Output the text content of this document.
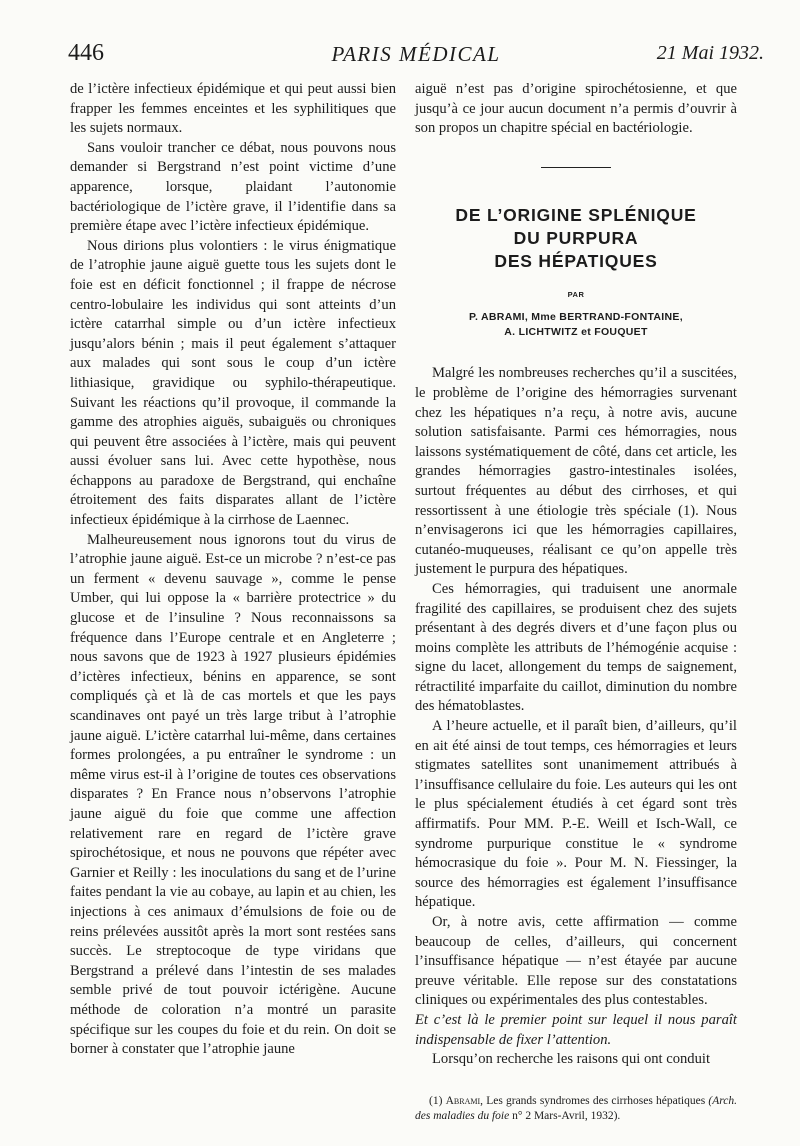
446	PARIS MÉDICAL	21 Mai 1932.

de l’ictère infectieux épidémique et qui peut aussi bien frapper les femmes enceintes et les syphilitiques que les sujets normaux.

Sans vouloir trancher ce débat, nous pouvons nous demander si Bergstrand n’est point victime d’une apparence, lorsque, plaidant l’autonomie bactériologique de l’ictère grave, il l’identifie dans sa première étape avec l’ictère infectieux épidémique.

Nous dirions plus volontiers : le virus énigmatique de l’atrophie jaune aiguë guette tous les sujets dont le foie est en déficit fonctionnel ; il frappe de nécrose centro-lobulaire les individus qui sont atteints d’un ictère catarrhal simple ou d’un ictère infectieux jusqu’alors bénin ; mais il peut également s’attaquer aux malades qui sont sous le coup d’un ictère lithiasique, gravidique ou syphilo-thérapeutique. Suivant les réactions qu’il provoque, il commande la gamme des atrophies aiguës, subaiguës ou chroniques qui peuvent être associées à l’ictère, mais qui peuvent aussi évoluer sans lui. Avec cette hypothèse, nous échappons au paradoxe de Bergstrand, qui enchaîne étroitement des faits disparates allant de l’ictère infectieux épidémique à la cirrhose de Laennec.

Malheureusement nous ignorons tout du virus de l’atrophie jaune aiguë. Est-ce un microbe ? n’est-ce pas un ferment « devenu sauvage », comme le pense Umber, qui lui oppose la « barrière protectrice » du glucose et de l’insuline ? Nous reconnaissons sa fréquence dans l’Europe centrale et en Angleterre ; nous savons que de 1923 à 1927 plusieurs épidémies d’ictères infectieux, bénins en apparence, se sont compliqués çà et là de cas mortels et que les pays scandinaves ont payé un très large tribut à l’atrophie jaune aiguë. L’ictère catarrhal lui-même, dans certaines formes prolongées, a pu entraîner le syndrome : un même virus est-il à l’origine de toutes ces observations disparates ? En France nous n’observons l’atrophie jaune aiguë du foie que comme une affection relativement rare en regard de l’ictère grave spirochétosique, et nous ne pouvons que répéter avec Garnier et Reilly : les inoculations du sang et de l’urine faites pendant la vie au cobaye, au lapin et au chien, les injections à ces animaux d’émulsions de foie ou de reins prélevées aussitôt après la mort sont restées sans succès. Le streptocoque de type viridans que Bergstrand a prélevé dans l’intestin de ses malades semble privé de tout pouvoir ictérigène. Aucune méthode de coloration n’a montré un parasite spécifique sur les coupes du foie et du rein. On doit se borner à constater que l’atrophie jaune

aiguë n’est pas d’origine spirochétosienne, et que jusqu’à ce jour aucun document n’a permis d’ouvrir à son propos un chapitre spécial en bactériologie.

DE L’ORIGINE SPLÉNIQUE
DU PURPURA
DES HÉPATIQUES
PAR
P. ABRAMI, Mme BERTRAND-FONTAINE,
A. LICHTWITZ et FOUQUET

Malgré les nombreuses recherches qu’il a suscitées, le problème de l’origine des hémorragies survenant chez les hépatiques n’a reçu, à notre avis, aucune solution satisfaisante. Parmi ces hémorragies, nous laissons systématiquement de côté, dans cet article, les grandes hémorragies gastro-intestinales isolées, surtout fréquentes au début des cirrhoses, et qui ressortissent à une étiologie très spéciale (1). Nous n’envisagerons ici que les hémorragies capillaires, cutanéo-muqueuses, réalisant ce qu’on appelle très justement le purpura des hépatiques.

Ces hémorragies, qui traduisent une anormale fragilité des capillaires, se produisent chez des sujets présentant à des degrés divers et d’une façon plus ou moins complète les attributs de l’hémogénie acquise : signe du lacet, allongement du temps de saignement, rétractilité imparfaite du caillot, diminution du nombre des hématoblastes.

A l’heure actuelle, et il paraît bien, d’ailleurs, qu’il en ait été ainsi de tout temps, ces hémorragies et leurs stigmates satellites sont unanimement attribués à l’insuffisance cellulaire du foie. Les auteurs qui les ont le plus spécialement étudiés à cet égard sont très affirmatifs. Pour MM. P.-E. Weill et Isch-Wall, ce syndrome purpurique constitue le « syndrome hémocrasique du foie ». Pour M. N. Fiessinger, la source des hémorragies est également l’insuffisance hépatique.

Or, à notre avis, cette affirmation — comme beaucoup de celles, d’ailleurs, qui concernent l’insuffisance hépatique — n’est étayée par aucune preuve véritable. Elle repose sur des constatations cliniques ou expérimentales des plus contestables.

Et c’est là le premier point sur lequel il nous paraît indispensable de fixer l’attention.

Lorsqu’on recherche les raisons qui ont conduit

(1) Abrami, Les grands syndromes des cirrhoses hépatiques (Arch. des maladies du foie n° 2 Mars-Avril, 1932).
